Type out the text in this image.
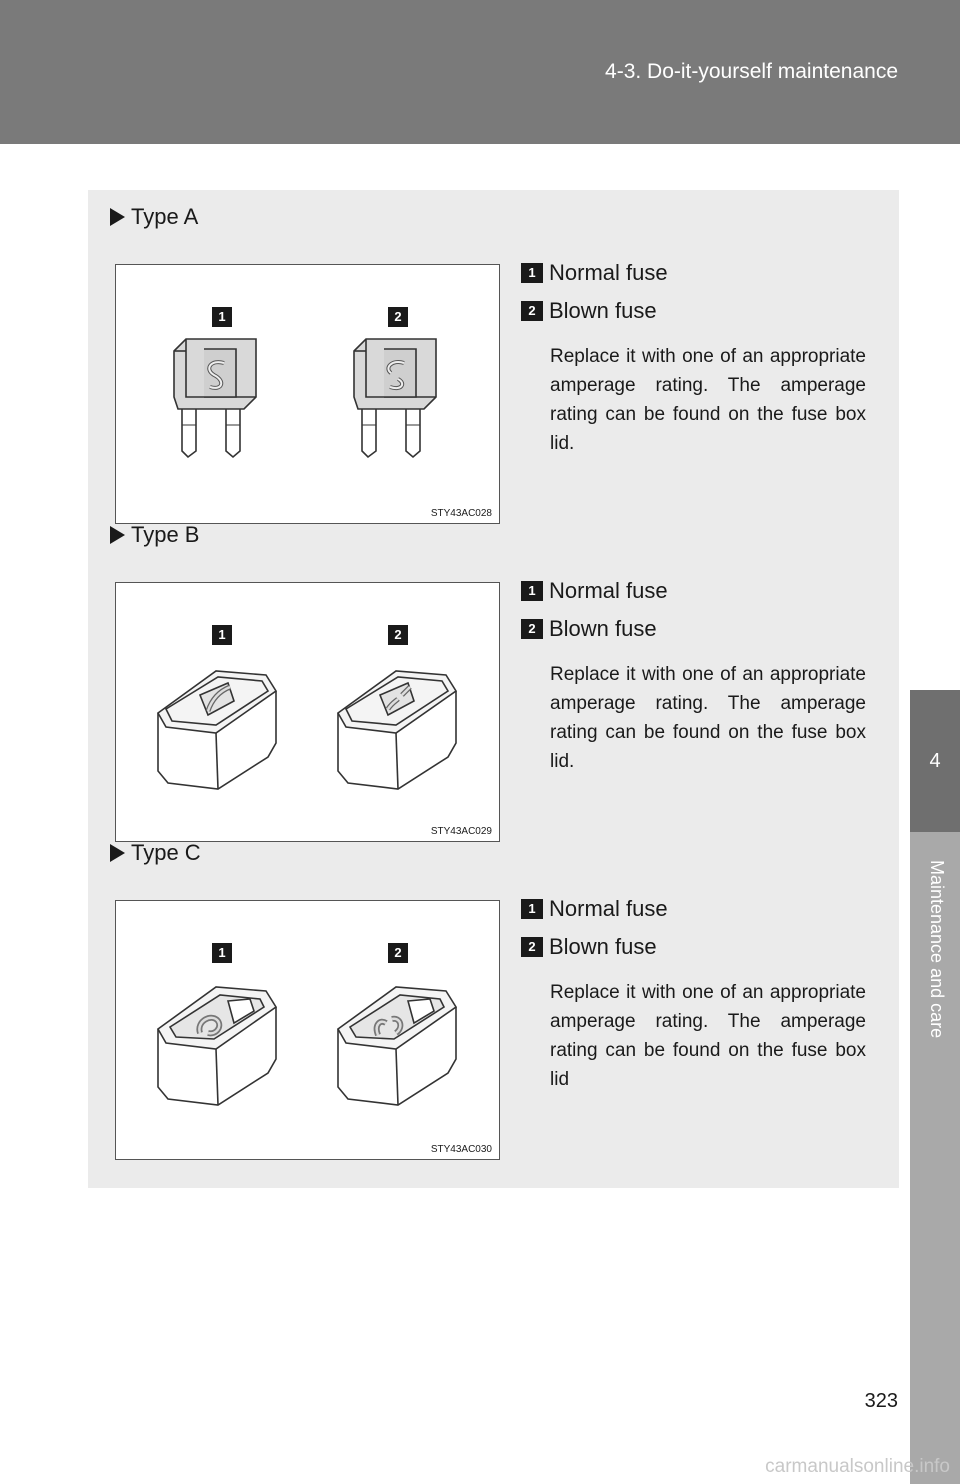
4-3. Do-it-yourself maintenance
4
Maintenance and care
Type A
1	2
STY43AC028
1 Normal fuse
2 Blown fuse
Replace it with one of an appropriate amperage rating. The amperage rating can be found on the fuse box lid.
Type B
1	2
STY43AC029
1 Normal fuse
2 Blown fuse
Replace it with one of an appropriate amperage rating. The amperage rating can be found on the fuse box lid.
Type C
1	2
STY43AC030
1 Normal fuse
2 Blown fuse
Replace it with one of an appropriate amperage rating. The amperage rating can be found on the fuse box lid
323
carmanualsonline.info
